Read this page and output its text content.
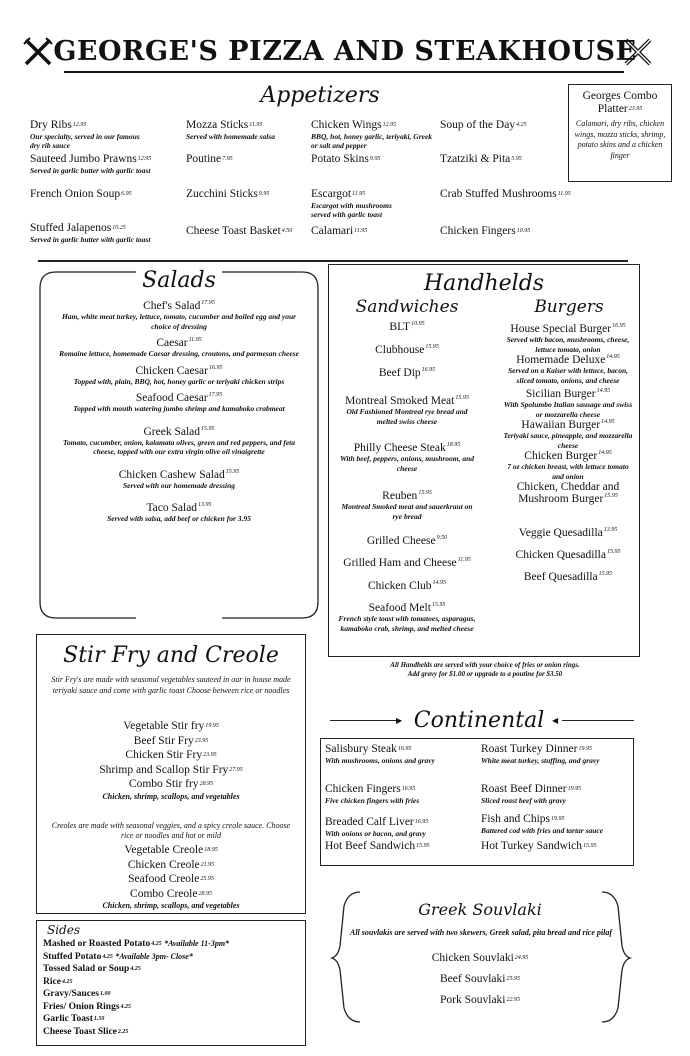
GEORGE'S PIZZA AND STEAKHOUSE
Appetizers
Dry Ribs$^{12.95}$
Our specialty, served in our famous dry rib sauce
Sauteed Jumbo Prawns$^{12.95}$
Served in garlic butter with garlic toast
French Onion Soup$^{6.95}$
Stuffed Jalapenos$^{10.25}$
Served in garlic butter with garlic toast
Mozza Sticks$^{11.95}$
Served with homemade salsa
Poutine$^{7.95}$
Zucchini Sticks$^{9.95}$
Cheese Toast Basket$^{4.50}$
Chicken Wings$^{12.95}$
BBQ, hot, honey garlic, teriyaki, Greek or salt and pepper
Potato Skins$^{9.95}$
Escargot$^{11.95}$
Escargot with mushrooms served with garlic toast
Calamari$^{11.95}$
Soup of the Day$^{4.25}$
Tzatziki & Pita$^{5.95}$
Crab Stuffed Mushrooms$^{11.95}$
Chicken Fingers$^{10.95}$
Georges Combo Platter$^{23.95}$
Calamari, dry ribs, chicken wings, mozza sticks, shrimp, potato skins and a chicken finger
Salads
Chef's Salad$^{17.95}$
Ham, white meat turkey, lettuce, tomato, cucumber and boiled egg and your choice of dressing
Caesar$^{11.95}$
Romaine lettuce, homemade Caesar dressing, croutons, and parmesan cheese
Chicken Caesar$^{16.95}$
Topped with, plain, BBQ, hot, honey garlic or teriyaki chicken strips
Seafood Caesar$^{17.95}$
Topped with mouth watering jumbo shrimp and kamaboko crabmeat
Greek Salad$^{15.95}$
Tomato, cucumber, onion, kalamata olives, green and red peppers, and feta cheese, topped with our extra virgin olive oil vinaigrette
Chicken Cashew Salad$^{15.95}$
Served with our homemade dressing
Taco Salad$^{13.95}$
Served with salsa, add beef or chicken for 3.95
Handhelds
Sandwiches	Burgers
$BLT^{10.95}$
Clubhouse$^{15.95}$
Beef Dip$^{16.95}$
Montreal Smoked Meat$^{15.95}$
Old Fashioned Montreal rye bread and melted swiss cheese
Philly Cheese Steak$^{18.95}$
With beef, peppers, onions, mushroom, and cheese
Reuben$^{15.95}$
Montreal Smoked meat and sauerkraut on rye bread
Grilled Cheese$^{9.50}$
Grilled Ham and Cheese$^{11.95}$
Chicken Club$^{14.95}$
Seafood Melt$^{15.95}$
French style toast with tomatoes, asparagus, kamaboko crab, shrimp, and melted cheese
House Special Burger$^{16.95}$
Served with bacon, mushrooms, cheese, lettuce tomato, onion
Homemade Deluxe$^{14.95}$
Served on a Kaiser with lettuce, bacon, sliced tomato, onions, and cheese
Sicilian Burger$^{14.95}$
With Spolumbo Italian sausage and swiss or mozzarella cheese
Hawaiian Burger$^{14.95}$
Teriyaki sauce, pineapple, and mozzarella cheese
Chicken Burger$^{14.95}$
7 oz chicken breast, with lettuce tomato and onion
Chicken, Cheddar and Mushroom Burger$^{15.95}$
Veggie Quesadilla$^{13.95}$
Chicken Quesadilla$^{15.95}$
Beef Quesadilla$^{15.95}$
All Handhelds are served with your choice of fries or onion rings.
Add gravy for $1.00 or upgrade to a poutine for $3.50
Stir Fry and Creole
Stir Fry's are made with seasonal vegetables sauteed in our in house made teriyaki sauce and come with garlic toast Choose between rice or noodles
Vegetable Stir fry$^{19.95}$
Beef Stir Fry$^{23.95}$
Chicken Stir Fry$^{23.95}$
Shrimp and Scallop Stir Fry$^{27.95}$
Combo Stir fry$^{28.95}$
Chicken, shrimp, scallops, and vegetables
Creoles are made with seasonal veggies, and a spicy creole sauce. Choose rice or noodles and hot or mild
Vegetable Creole$^{18.95}$
Chicken Creole$^{21.95}$
Seafood Creole$^{25.95}$
Combo Creole$^{28.95}$
Chicken, shrimp, scallops, and vegetables
Sides
Mashed or Roasted Potato$^{4.25}$ *Available 11-3pm*
Stuffed Potato$^{4.25}$ *Available 3pm- Close*
Tossed Salad or Soup$^{4.25}$
Rice$^{4.25}$
Gravy/Sauces$^{1.00}$
Fries/ Onion Rings$^{4.25}$
Garlic Toast$^{1.50}$
Cheese Toast Slice$^{2.25}$
▶ Continental ◀
Salisbury Steak$^{16.95}$
With mushrooms, onions and gravy
Chicken Fingers$^{16.95}$
Five chicken fingers with fries
Breaded Calf Liver$^{16.95}$
With onions or bacon, and gravy
Hot Beef Sandwich$^{15.95}$
Roast Turkey Dinner$^{19.95}$
White meat turkey, stuffing, and gravy
Roast Beef Dinner$^{19.95}$
Sliced roast beef with gravy
Fish and Chips$^{19.95}$
Battered cod with fries and tartar sauce
Hot Turkey Sandwich$^{15.95}$
Greek Souvlaki
All souvlakis are served with two skewers, Greek salad, pita bread and rice pilaf
Chicken Souvlaki$^{24.95}$
Beef Souvlaki$^{25.95}$
Pork Souvlaki$^{22.95}$
